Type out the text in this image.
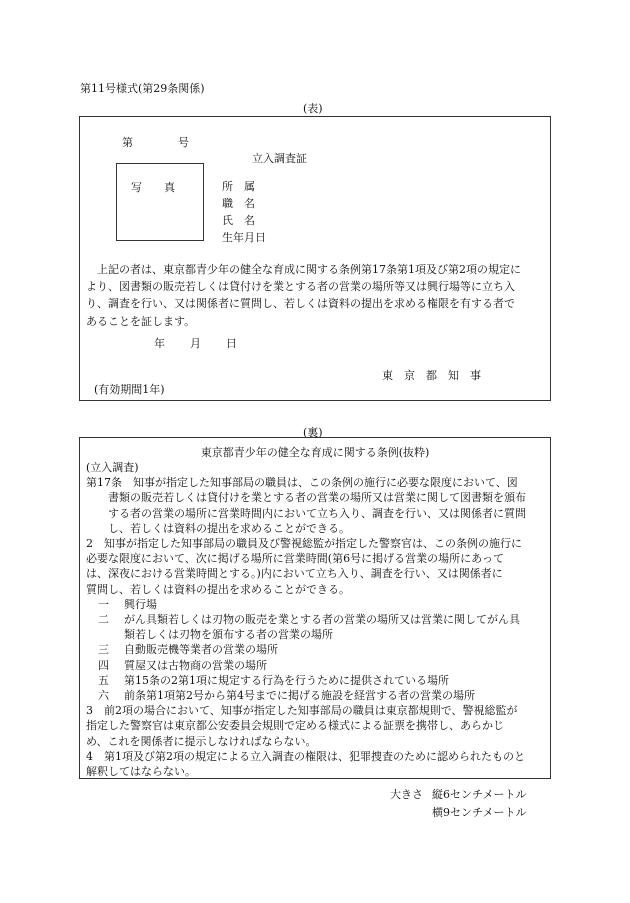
第11号様式(第29条関係)
(表)
第	号
立入調査証
写　　真	所　属
職　名
氏　名
生年月日
　上記の者は、東京都青少年の健全な育成に関する条例第17条第1項及び第2項の規定に
より、図書類の販売若しくは貸付けを業とする者の営業の場所等又は興行場等に立ち入
り、調査を行い、又は関係者に質問し、若しくは資料の提出を求める権限を有する者で
あることを証します。
年 月 日
東　京　都　知　事
(有効期間1年)
(裏)
東京都青少年の健全な育成に関する条例(抜粋)
(立入調査)
第17条　知事が指定した知事部局の職員は、この条例の施行に必要な限度において、図
書類の販売若しくは貸付けを業とする者の営業の場所又は営業に関して図書類を頒布
する者の営業の場所に営業時間内において立ち入り、調査を行い、又は関係者に質問
し、若しくは資料の提出を求めることができる。
2　知事が指定した知事部局の職員及び警視総監が指定した警察官は、この条例の施行に
必要な限度において、次に掲げる場所に営業時間(第6号に掲げる営業の場所にあって
は、深夜における営業時間とする。)内において立ち入り、調査を行い、又は関係者に
質問し、若しくは資料の提出を求めることができる。
一 興行場
二 がん具類若しくは刃物の販売を業とする者の営業の場所又は営業に関してがん具
類若しくは刃物を頒布する者の営業の場所
三 自動販売機等業者の営業の場所
四 質屋又は古物商の営業の場所
五 第15条の2第1項に規定する行為を行うために提供されている場所
六 前条第1項第2号から第4号までに掲げる施設を経営する者の営業の場所
3　前2項の場合において、知事が指定した知事部局の職員は東京都規則で、警視総監が
指定した警察官は東京都公安委員会規則で定める様式による証票を携帯し、あらかじ
め、これを関係者に提示しなければならない。
4　第1項及び第2項の規定による立入調査の権限は、犯罪捜査のために認められたものと
解釈してはならない。
大きさ 縦6センチメートル
横9センチメートル
